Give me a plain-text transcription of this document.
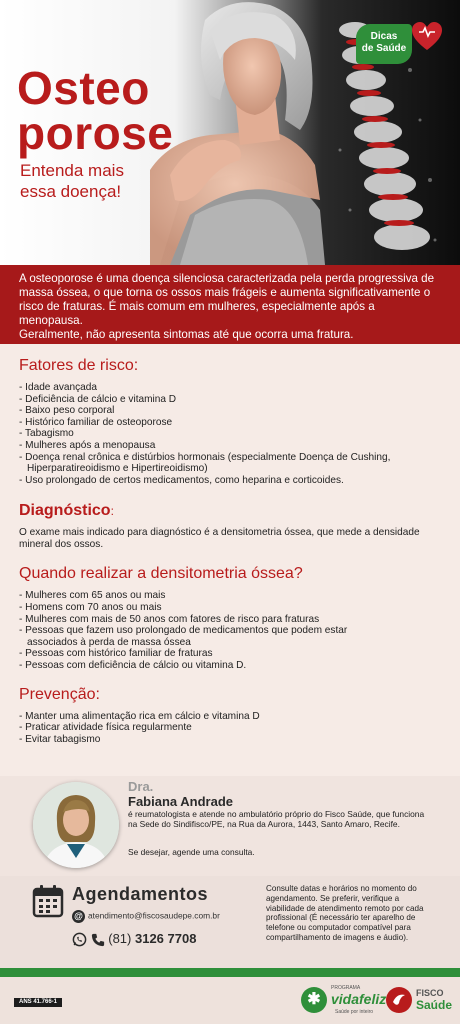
Osteo
porose
Entenda mais
essa doença!
Dicas
de Saúde

A osteoporose é uma doença silenciosa caracterizada pela perda progressiva de massa óssea, o que torna os ossos mais frágeis e aumenta significativamente o risco de fraturas. É mais comum em mulheres, especialmente após a menopausa.

Geralmente, não apresenta sintomas até que ocorra uma fratura.

Fatores de risco:
- Idade avançada
- Deficiência de cálcio e vitamina D
- Baixo peso corporal
- Histórico familiar de osteoporose
- Tabagismo
- Mulheres após a menopausa
- Doença renal crônica e distúrbios hormonais (especialmente Doença de Cushing,
Hiperparatireoidismo e Hipertireoidismo)
- Uso prolongado de certos medicamentos, como heparina e corticoides.
Diagnóstico:

O exame mais indicado para diagnóstico é a densitometria óssea, que mede a densidade mineral dos ossos.

Quando realizar a densitometria óssea?
- Mulheres com 65 anos ou mais
- Homens com 70 anos ou mais
- Mulheres com mais de 50 anos com fatores de risco para fraturas
- Pessoas que fazem uso prolongado de medicamentos que podem estar
associados à perda de massa óssea
- Pessoas com histórico familiar de fraturas
- Pessoas com deficiência de cálcio ou vitamina D.
Prevenção:
- Manter uma alimentação rica em cálcio e vitamina D
- Praticar atividade física regularmente
- Evitar tabagismo
Dra.
Fabiana Andrade

é reumatologista e atende no ambulatório próprio do Fisco Saúde, que funciona na Sede do Sindifisco/PE, na Rua da Aurora, 1443, Santo Amaro, Recife.

Se desejar, agende uma consulta.

Agendamentos
@ atendimento@fiscosaudepe.com.br
(81) 3126 7708

Consulte datas e horários no momento do agendamento. Se preferir, verifique a viabilidade de atendimento remoto por cada profissional (É necessário ter aparelho de telefone ou computador compatível para compartilhamento de imagens e áudio).

ANS 41.766-1	✱
PROGRAMA
vidafeliz
Saúde por inteiro
FISCO
Saúde
